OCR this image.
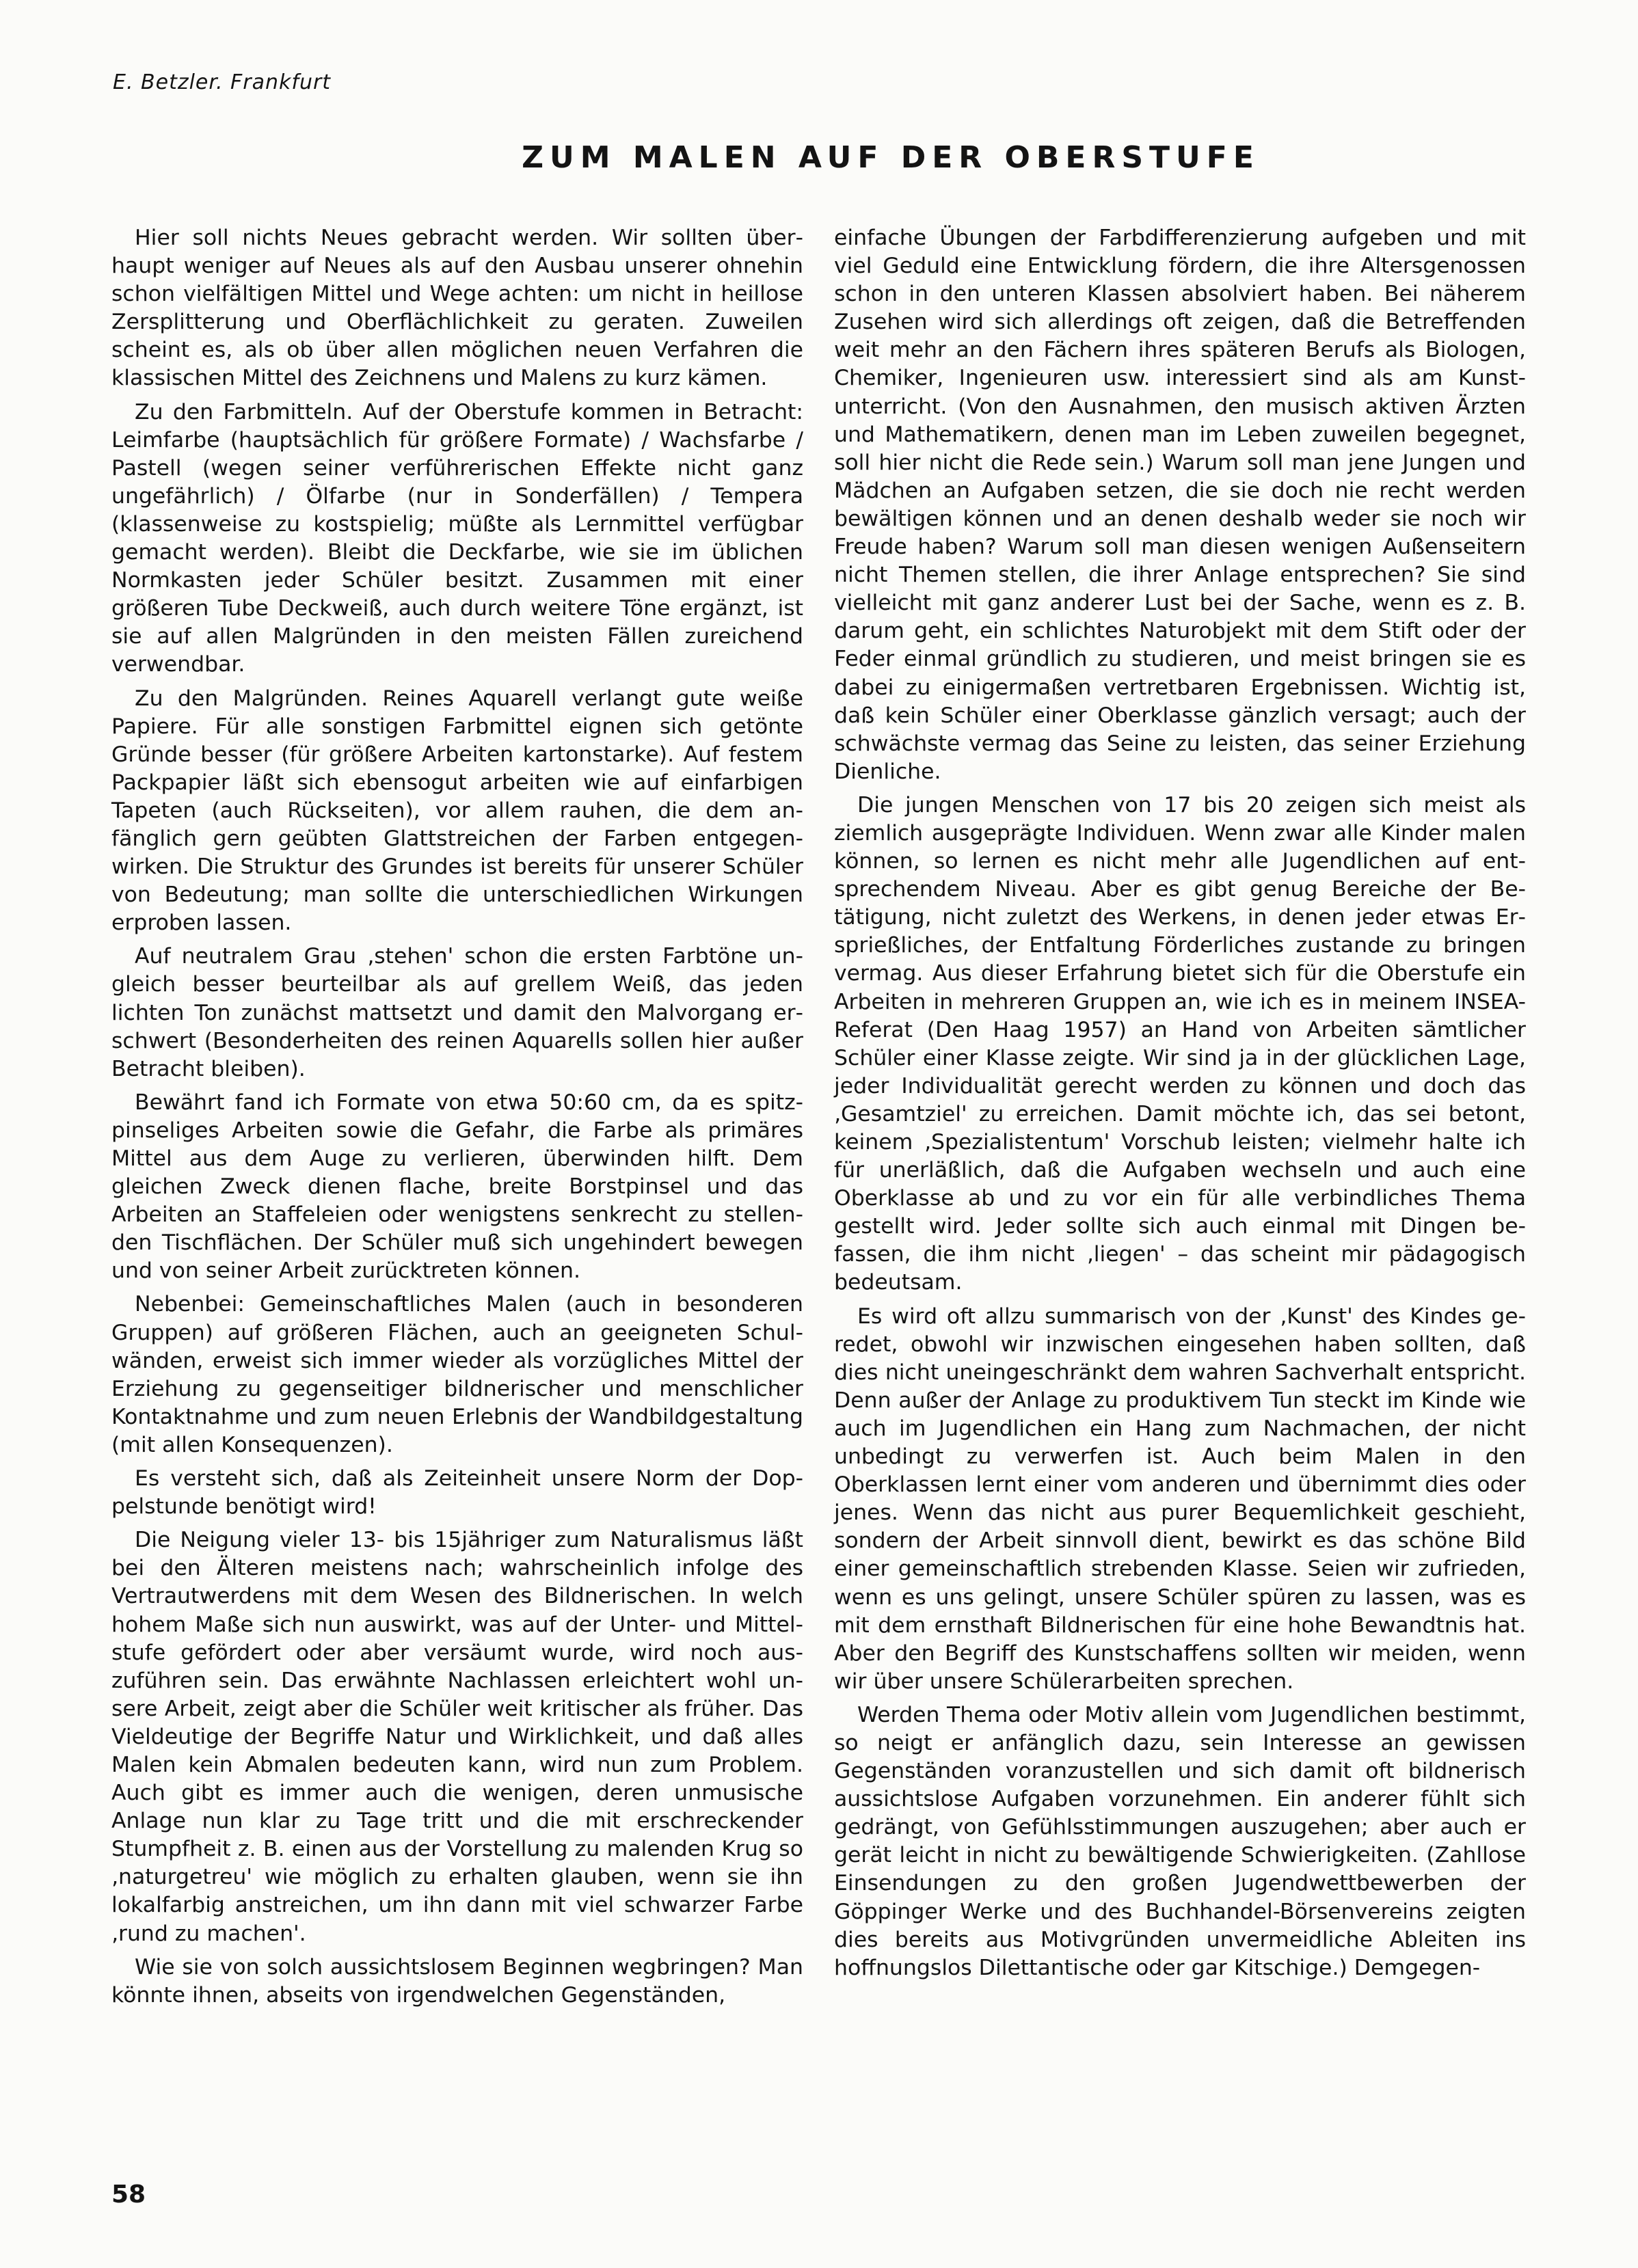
E. Betzler. Frankfurt
ZUM MALEN AUF DER OBERSTUFE

Hier soll nichts Neues gebracht werden. Wir sollten überhaupt weniger auf Neues als auf den Ausbau unserer ohnehin schon vielfältigen Mittel und Wege achten: um nicht in heillose Zersplitterung und Oberflächlichkeit zu geraten. Zuweilen scheint es, als ob über allen möglichen neuen Verfahren die klassischen Mittel des Zeichnens und Malens zu kurz kämen.

Zu den Farbmitteln. Auf der Oberstufe kommen in Betracht: Leimfarbe (hauptsächlich für größere Formate) / Wachsfarbe / Pastell (wegen seiner verführerischen Effekte nicht ganz ungefährlich) / Ölfarbe (nur in Sonderfällen) / Tempera (klassenweise zu kostspielig; müßte als Lernmittel verfügbar gemacht werden). Bleibt die Deckfarbe, wie sie im üblichen Normkasten jeder Schüler besitzt. Zusammen mit einer größeren Tube Deckweiß, auch durch weitere Töne ergänzt, ist sie auf allen Malgründen in den meisten Fällen zureichend verwendbar.

Zu den Malgründen. Reines Aquarell verlangt gute weiße Papiere. Für alle sonstigen Farbmittel eignen sich getönte Gründe besser (für größere Arbeiten kartonstarke). Auf festem Packpapier läßt sich ebensogut arbeiten wie auf einfarbigen Tapeten (auch Rückseiten), vor allem rauhen, die dem anfänglich gern geübten Glattstreichen der Farben entgegenwirken. Die Struktur des Grundes ist bereits für unserer Schüler von Bedeutung; man sollte die unterschiedlichen Wirkungen erproben lassen.

Auf neutralem Grau ‚stehen' schon die ersten Farbtöne ungleich besser beurteilbar als auf grellem Weiß, das jeden lichten Ton zunächst mattsetzt und damit den Malvorgang erschwert (Besonderheiten des reinen Aquarells sollen hier außer Betracht bleiben).

Bewährt fand ich Formate von etwa 50:60 cm, da es spitzpinseliges Arbeiten sowie die Gefahr, die Farbe als primäres Mittel aus dem Auge zu verlieren, überwinden hilft. Dem gleichen Zweck dienen flache, breite Borstpinsel und das Arbeiten an Staffeleien oder wenigstens senkrecht zu stellenden Tischflächen. Der Schüler muß sich ungehindert bewegen und von seiner Arbeit zurücktreten können.

Nebenbei: Gemeinschaftliches Malen (auch in besonderen Gruppen) auf größeren Flächen, auch an geeigneten Schulwänden, erweist sich immer wieder als vorzügliches Mittel der Erziehung zu gegenseitiger bildnerischer und menschlicher Kontaktnahme und zum neuen Erlebnis der Wandbildgestaltung (mit allen Konsequenzen).

Es versteht sich, daß als Zeiteinheit unsere Norm der Doppelstunde benötigt wird!

Die Neigung vieler 13- bis 15jähriger zum Naturalismus läßt bei den Älteren meistens nach; wahrscheinlich infolge des Vertrautwerdens mit dem Wesen des Bildnerischen. In welch hohem Maße sich nun auswirkt, was auf der Unter- und Mittelstufe gefördert oder aber versäumt wurde, wird noch auszuführen sein. Das erwähnte Nachlassen erleichtert wohl unsere Arbeit, zeigt aber die Schüler weit kritischer als früher. Das Vieldeutige der Begriffe Natur und Wirklichkeit, und daß alles Malen kein Abmalen bedeuten kann, wird nun zum Problem. Auch gibt es immer auch die wenigen, deren unmusische Anlage nun klar zu Tage tritt und die mit erschreckender Stumpfheit z. B. einen aus der Vorstellung zu malenden Krug so ‚naturgetreu' wie möglich zu erhalten glauben, wenn sie ihn lokalfarbig anstreichen, um ihn dann mit viel schwarzer Farbe ‚rund zu machen'.

Wie sie von solch aussichtslosem Beginnen wegbringen? Man könnte ihnen, abseits von irgendwelchen Gegenständen,

einfache Übungen der Farbdifferenzierung aufgeben und mit viel Geduld eine Entwicklung fördern, die ihre Altersgenossen schon in den unteren Klassen absolviert haben. Bei näherem Zusehen wird sich allerdings oft zeigen, daß die Betreffenden weit mehr an den Fächern ihres späteren Berufs als Biologen, Chemiker, Ingenieuren usw. interessiert sind als am Kunstunterricht. (Von den Ausnahmen, den musisch aktiven Ärzten und Mathematikern, denen man im Leben zuweilen begegnet, soll hier nicht die Rede sein.) Warum soll man jene Jungen und Mädchen an Aufgaben setzen, die sie doch nie recht werden bewältigen können und an denen deshalb weder sie noch wir Freude haben? Warum soll man diesen wenigen Außenseitern nicht Themen stellen, die ihrer Anlage entsprechen? Sie sind vielleicht mit ganz anderer Lust bei der Sache, wenn es z. B. darum geht, ein schlichtes Naturobjekt mit dem Stift oder der Feder einmal gründlich zu studieren, und meist bringen sie es dabei zu einigermaßen vertretbaren Ergebnissen. Wichtig ist, daß kein Schüler einer Oberklasse gänzlich versagt; auch der schwächste vermag das Seine zu leisten, das seiner Erziehung Dienliche.

Die jungen Menschen von 17 bis 20 zeigen sich meist als ziemlich ausgeprägte Individuen. Wenn zwar alle Kinder malen können, so lernen es nicht mehr alle Jugendlichen auf entsprechendem Niveau. Aber es gibt genug Bereiche der Betätigung, nicht zuletzt des Werkens, in denen jeder etwas Ersprießliches, der Entfaltung Förderliches zustande zu bringen vermag. Aus dieser Erfahrung bietet sich für die Oberstufe ein Arbeiten in mehreren Gruppen an, wie ich es in meinem INSEA-Referat (Den Haag 1957) an Hand von Arbeiten sämtlicher Schüler einer Klasse zeigte. Wir sind ja in der glücklichen Lage, jeder Individualität gerecht werden zu können und doch das ‚Gesamtziel' zu erreichen. Damit möchte ich, das sei betont, keinem ‚Spezialistentum' Vorschub leisten; vielmehr halte ich für unerläßlich, daß die Aufgaben wechseln und auch eine Oberklasse ab und zu vor ein für alle verbindliches Thema gestellt wird. Jeder sollte sich auch einmal mit Dingen befassen, die ihm nicht ‚liegen' – das scheint mir pädagogisch bedeutsam.

Es wird oft allzu summarisch von der ‚Kunst' des Kindes geredet, obwohl wir inzwischen eingesehen haben sollten, daß dies nicht uneingeschränkt dem wahren Sachverhalt entspricht. Denn außer der Anlage zu produktivem Tun steckt im Kinde wie auch im Jugendlichen ein Hang zum Nachmachen, der nicht unbedingt zu verwerfen ist. Auch beim Malen in den Oberklassen lernt einer vom anderen und übernimmt dies oder jenes. Wenn das nicht aus purer Bequemlichkeit geschieht, sondern der Arbeit sinnvoll dient, bewirkt es das schöne Bild einer gemeinschaftlich strebenden Klasse. Seien wir zufrieden, wenn es uns gelingt, unsere Schüler spüren zu lassen, was es mit dem ernsthaft Bildnerischen für eine hohe Bewandtnis hat. Aber den Begriff des Kunstschaffens sollten wir meiden, wenn wir über unsere Schülerarbeiten sprechen.

Werden Thema oder Motiv allein vom Jugendlichen bestimmt, so neigt er anfänglich dazu, sein Interesse an gewissen Gegenständen voranzustellen und sich damit oft bildnerisch aussichtslose Aufgaben vorzunehmen. Ein anderer fühlt sich gedrängt, von Gefühlsstimmungen auszugehen; aber auch er gerät leicht in nicht zu bewältigende Schwierigkeiten. (Zahllose Einsendungen zu den großen Jugendwettbewerben der Göppinger Werke und des Buchhandel-Börsenvereins zeigten dies bereits aus Motivgründen unvermeidliche Ableiten ins hoffnungslos Dilettantische oder gar Kitschige.) Demgegen-

58
